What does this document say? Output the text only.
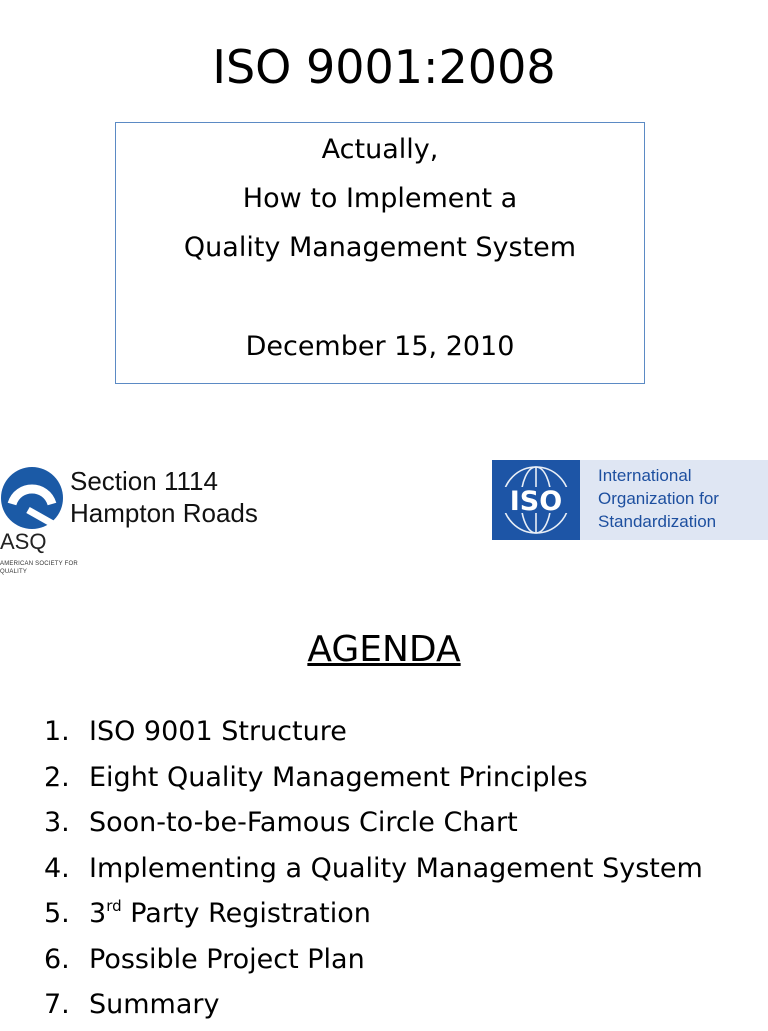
ISO 9001:2008
Actually,
How to Implement a
Quality Management System
December 15, 2010
Section 1114
Hampton Roads
ASQ
AMERICAN SOCIETY FOR QUALITY
ISO
International
Organization for
Standardization
AGENDA
1. ISO 9001 Structure
2. Eight Quality Management Principles
3. Soon-to-be-Famous Circle Chart
4. Implementing a Quality Management System
5. 3rd Party Registration
6. Possible Project Plan
7. Summary
